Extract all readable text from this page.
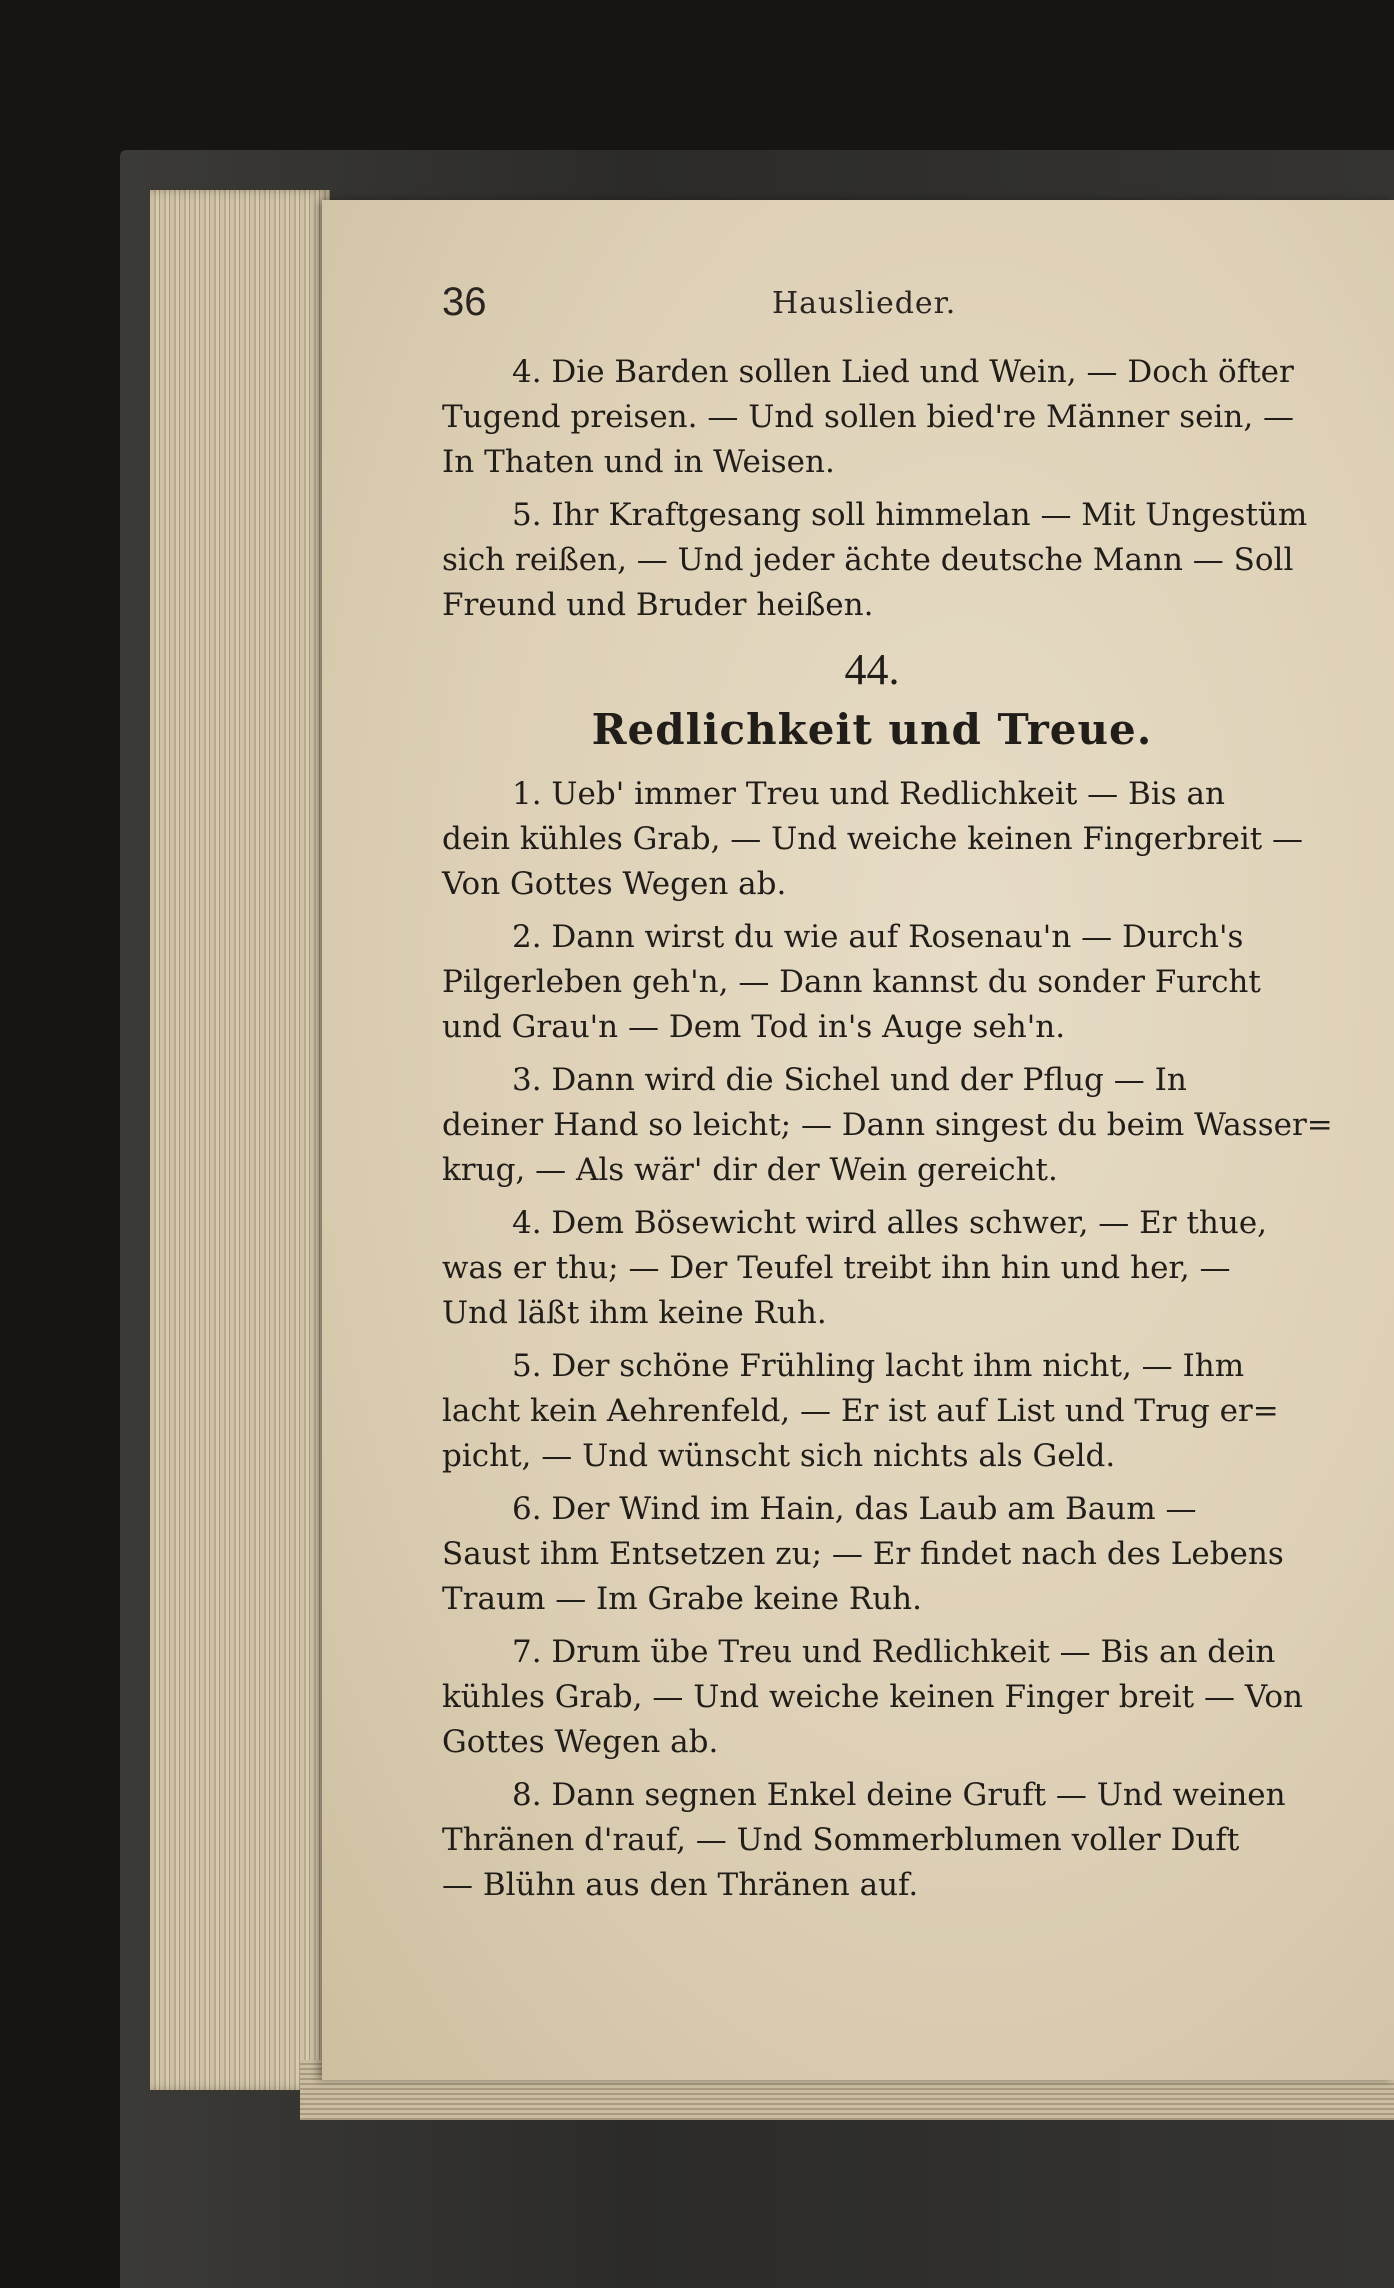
36	Hauslieder.
4. Die Barden sollen Lied und Wein, — Doch öfter
Tugend preisen. — Und sollen bied're Männer sein, —
In Thaten und in Weisen.
5. Ihr Kraftgesang soll himmelan — Mit Ungestüm
sich reißen, — Und jeder ächte deutsche Mann — Soll
Freund und Bruder heißen.
44.
Redlichkeit und Treue.
1. Ueb' immer Treu und Redlichkeit — Bis an
dein kühles Grab, — Und weiche keinen Fingerbreit —
Von Gottes Wegen ab.
2. Dann wirst du wie auf Rosenau'n — Durch's
Pilgerleben geh'n, — Dann kannst du sonder Furcht
und Grau'n — Dem Tod in's Auge seh'n.
3. Dann wird die Sichel und der Pflug — In
deiner Hand so leicht; — Dann singest du beim Wasser=
krug, — Als wär' dir der Wein gereicht.
4. Dem Bösewicht wird alles schwer, — Er thue,
was er thu; — Der Teufel treibt ihn hin und her, —
Und läßt ihm keine Ruh.
5. Der schöne Frühling lacht ihm nicht, — Ihm
lacht kein Aehrenfeld, — Er ist auf List und Trug er=
picht, — Und wünscht sich nichts als Geld.
6. Der Wind im Hain, das Laub am Baum —
Saust ihm Entsetzen zu; — Er findet nach des Lebens
Traum — Im Grabe keine Ruh.
7. Drum übe Treu und Redlichkeit — Bis an dein
kühles Grab, — Und weiche keinen Finger breit — Von
Gottes Wegen ab.
8. Dann segnen Enkel deine Gruft — Und weinen
Thränen d'rauf, — Und Sommerblumen voller Duft
— Blühn aus den Thränen auf.
